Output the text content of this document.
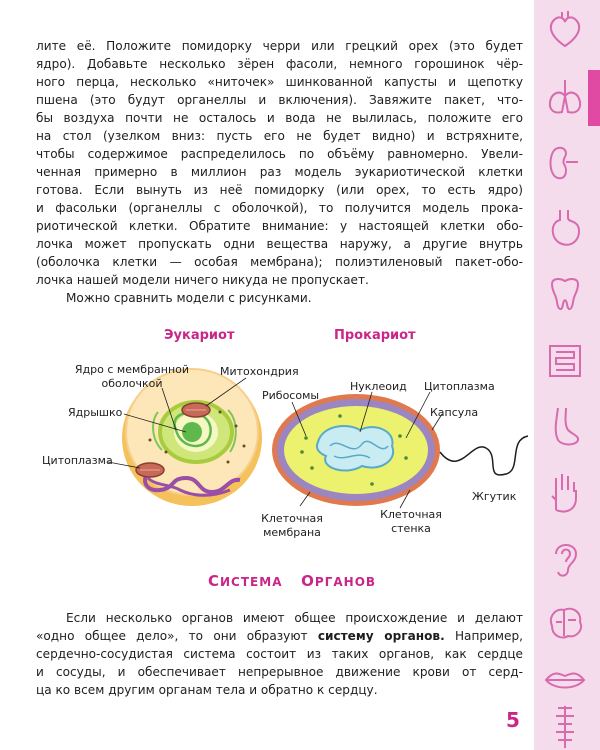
лите её. Положите помидорку черри или грецкий орех (это будет
ядро). Добавьте несколько зёрен фасоли, немного горошинок чёр-
ного перца, несколько «ниточек» шинкованной капусты и щепотку
пшена (это будут органеллы и включения). Завяжите пакет, что-
бы воздуха почти не осталось и вода не вылилась, положите его
на стол (узелком вниз: пусть его не будет видно) и встряхните,
чтобы содержимое распределилось по объёму равномерно. Увели-
ченная примерно в миллион раз модель эукариотической клетки
готова. Если вынуть из неё помидорку (или орех, то есть ядро)
и фасольки (органеллы с оболочкой), то получится модель прока-
риотической клетки. Обратите внимание: у настоящей клетки обо-
лочка может пропускать одни вещества наружу, а другие внутрь
(оболочка клетки — особая мембрана); полиэтиленовый пакет-обо-
лочка нашей модели ничего никуда не пропускает.
Можно сравнить модели с рисунками.
Эукариот	Прокариот
Ядро с мембранной
оболочкой
Митохондрия
Ядрышко
Цитоплазма
Рибосомы
Нуклеоид Цитоплазма
Капсула
Жгутик
Клеточная
мембрана
Клеточная
стенка
СИСТЕМА ОРГАНОВ
Если несколько органов имеют общее происхождение и делают
«одно общее дело», то они образуют систему органов. Например,
сердечно-сосудистая система состоит из таких органов, как сердце
и сосуды, и обеспечивает непрерывное движение крови от серд-
ца ко всем другим органам тела и обратно к сердцу.
5
